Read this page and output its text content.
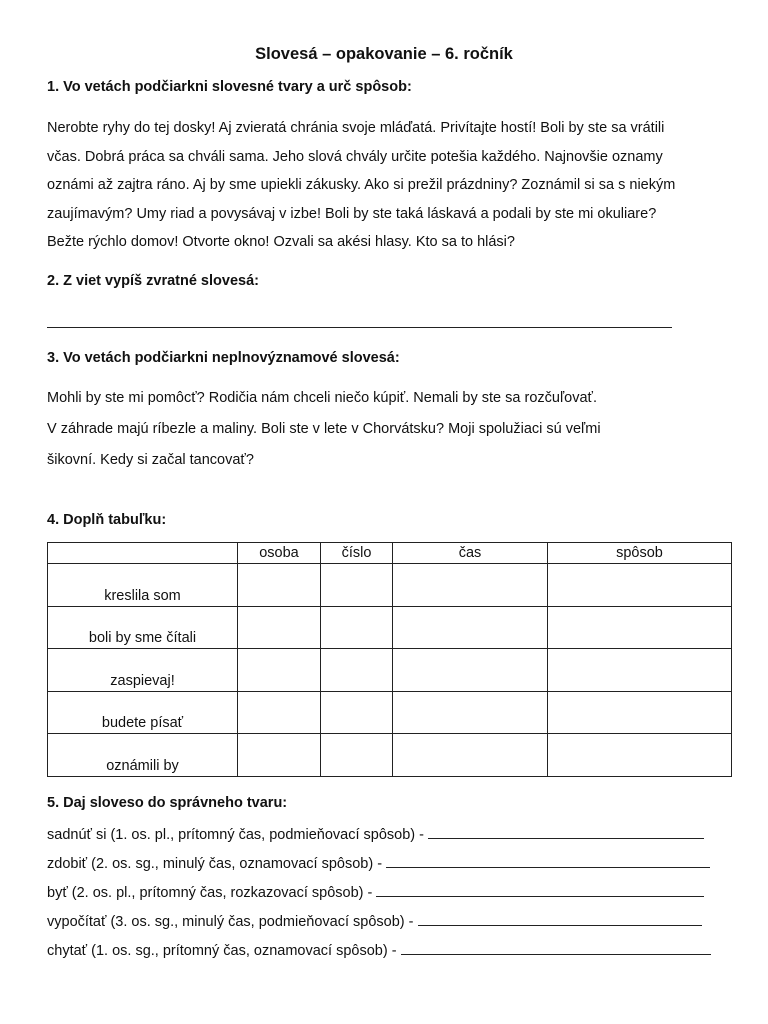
Slovesá – opakovanie – 6. ročník
1. Vo vetách podčiarkni slovesné tvary a urč spôsob:
Nerobte ryhy do tej dosky! Aj zvieratá chránia svoje mláďatá. Privítajte hostí! Boli by ste sa vrátili
včas. Dobrá práca sa chváli sama. Jeho slová chvály určite potešia každého. Najnovšie oznamy
oznámi až zajtra ráno. Aj by sme upiekli zákusky. Ako si prežil prázdniny? Zoznámil si sa s niekým
zaujímavým? Umy riad a povysávaj v izbe! Boli by ste taká láskavá a podali by ste mi okuliare?
Bežte rýchlo domov! Otvorte okno! Ozvali sa akési hlasy. Kto sa to hlási?
2. Z viet vypíš zvratné slovesá:
3. Vo vetách podčiarkni neplnovýznamové slovesá:
Mohli by ste mi pomôcť? Rodičia nám chceli niečo kúpiť. Nemali by ste sa rozčuľovať.
V záhrade majú ríbezle a maliny. Boli ste v lete v Chorvátsku? Moji spolužiaci sú veľmi
šikovní. Kedy si začal tancovať?
4. Doplň tabuľku:
	osoba	číslo	čas	spôsob
kreslila som				
boli by sme čítali				
zaspievaj!				
budete písať				
oznámili by				
5. Daj sloveso do správneho tvaru:
sadnúť si (1. os. pl., prítomný čas, podmieňovací spôsob) -
zdobiť (2. os. sg., minulý čas, oznamovací spôsob) -
byť (2. os. pl., prítomný čas, rozkazovací spôsob) -
vypočítať (3. os. sg., minulý čas, podmieňovací spôsob) -
chytať (1. os. sg., prítomný čas, oznamovací spôsob) -
